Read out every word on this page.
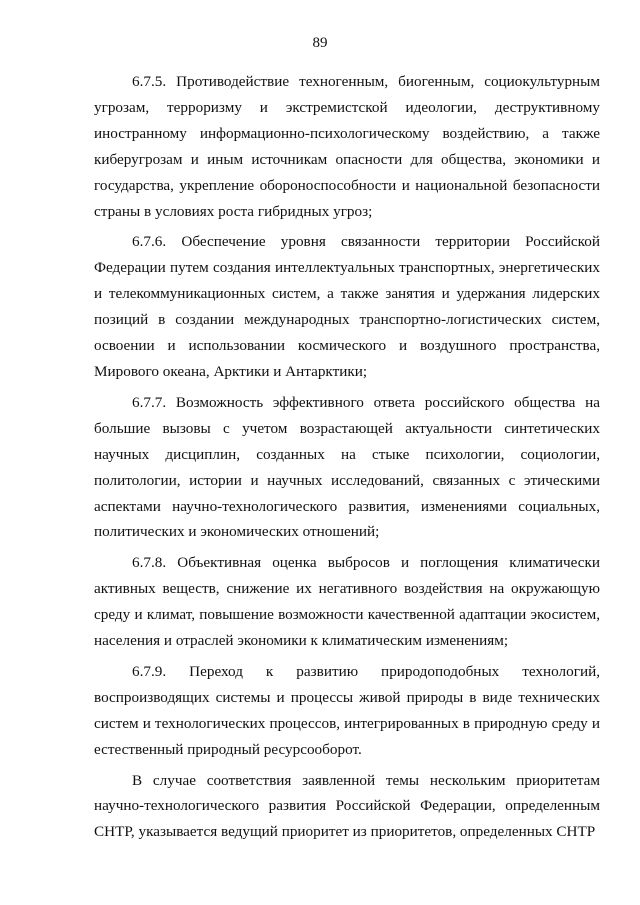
89

6.7.5. Противодействие техногенным, биогенным, социокультурным угрозам, терроризму и экстремистской идеологии, деструктивному иностранному информационно-психологическому воздействию, а также киберугрозам и иным источникам опасности для общества, экономики и государства, укрепление обороноспособности и национальной безопасности страны в условиях роста гибридных угроз;

6.7.6. Обеспечение уровня связанности территории Российской Федерации путем создания интеллектуальных транспортных, энергетических и телекоммуникационных систем, а также занятия и удержания лидерских позиций в создании международных транспортно-логистических систем, освоении и использовании космического и воздушного пространства, Мирового океана, Арктики и Антарктики;

6.7.7. Возможность эффективного ответа российского общества на большие вызовы с учетом возрастающей актуальности синтетических научных дисциплин, созданных на стыке психологии, социологии, политологии, истории и научных исследований, связанных с этическими аспектами научно-технологического развития, изменениями социальных, политических и экономических отношений;

6.7.8. Объективная оценка выбросов и поглощения климатически активных веществ, снижение их негативного воздействия на окружающую среду и климат, повышение возможности качественной адаптации экосистем, населения и отраслей экономики к климатическим изменениям;

6.7.9. Переход к развитию природоподобных технологий, воспроизводящих системы и процессы живой природы в виде технических систем и технологических процессов, интегрированных в природную среду и естественный природный ресурсооборот.

В случае соответствия заявленной темы нескольким приоритетам научно-технологического развития Российской Федерации, определенным СНТР, указывается ведущий приоритет из приоритетов, определенных СНТР
